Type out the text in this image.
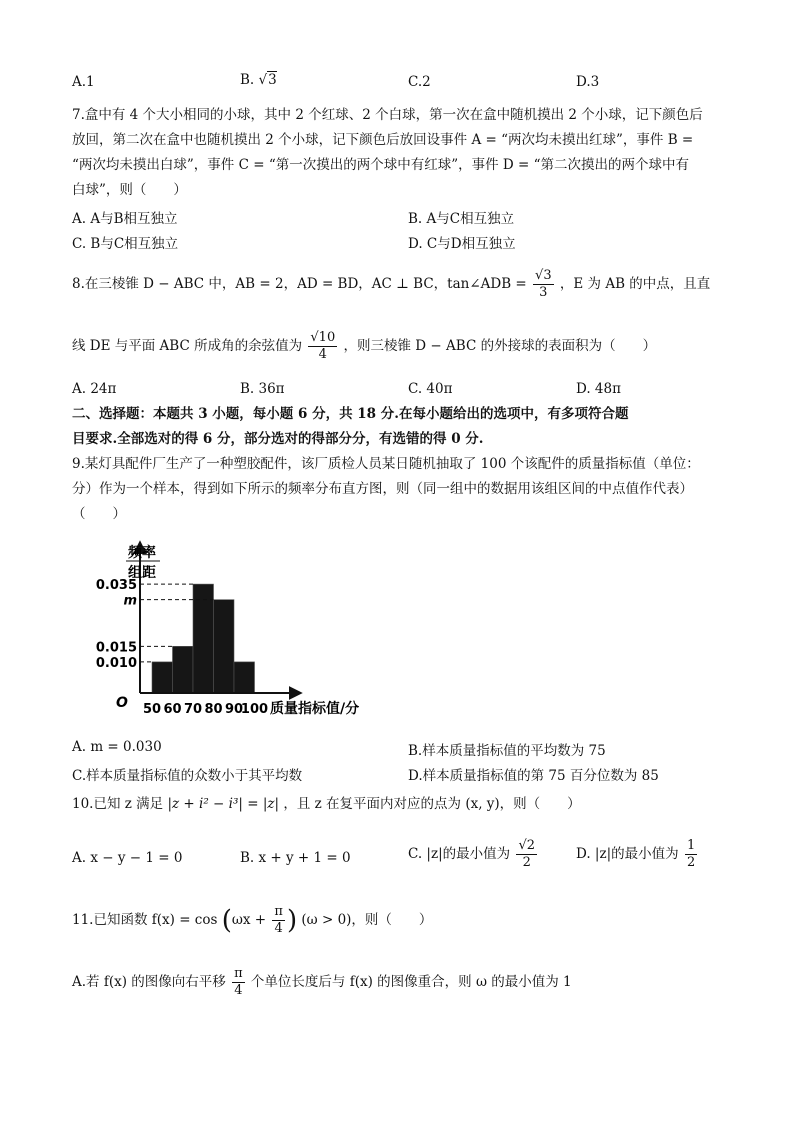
A.1	B. √3	C.2	D.3
7.盒中有 4 个大小相同的小球，其中 2 个红球、2 个白球，第一次在盒中随机摸出 2 个小球，记下颜色后
放回，第二次在盒中也随机摸出 2 个小球，记下颜色后放回设事件 A = “两次均未摸出红球”，事件 B =
“两次均未摸出白球”，事件 C = “第一次摸出的两个球中有红球”，事件 D = “第二次摸出的两个球中有
白球”，则（　　）
A. A与B相互独立	B. A与C相互独立
C. B与C相互独立	D. C与D相互独立
8.在三棱锥 D − ABC 中，AB = 2，AD = BD，AC ⊥ BC，tan∠ADB = $\frac{√3}{3}$ ，E 为 AB 的中点，且直
线 DE 与平面 ABC 所成角的余弦值为 $\frac{√10}{4}$ ，则三棱锥 D − ABC 的外接球的表面积为（　　）
A. 24π	B. 36π	C. 40π	D. 48π
二、选择题：本题共 3 小题，每小题 6 分，共 18 分.在每小题给出的选项中，有多项符合题
目要求.全部选对的得 6 分，部分选对的得部分分，有选错的得 0 分.
9.某灯具配件厂生产了一种塑胶配件，该厂质检人员某日随机抽取了 100 个该配件的质量指标值（单位：
分）作为一个样本，得到如下所示的频率分布直方图，则（同一组中的数据用该组区间的中点值作代表）
（　　）
频率
组距
O
0.035
m
0.015
0.010
50 60 70 80 90
100 质量指标值/分
A. m = 0.030	B.样本质量指标值的平均数为 75
C.样本质量指标值的众数小于其平均数	D.样本质量指标值的第 75 百分位数为 85
10.已知 z 满足 |z + i² − i³| = |z| ，且 z 在复平面内对应的点为 (x, y)，则（　　）
A. x − y − 1 = 0	B. x + y + 1 = 0	C. |z|的最小值为 $\frac{√2}{2}$	D. |z|的最小值为 $\frac{1}{2}$
11.已知函数 $f(x) = \cos (\omega x + \frac{\pi}{4}$ ) (ω > 0)，则（　　）
A.若 f(x) 的图像向右平移 $\frac{\pi}{4}$ 个单位长度后与 f(x) 的图像重合，则 ω 的最小值为 1
